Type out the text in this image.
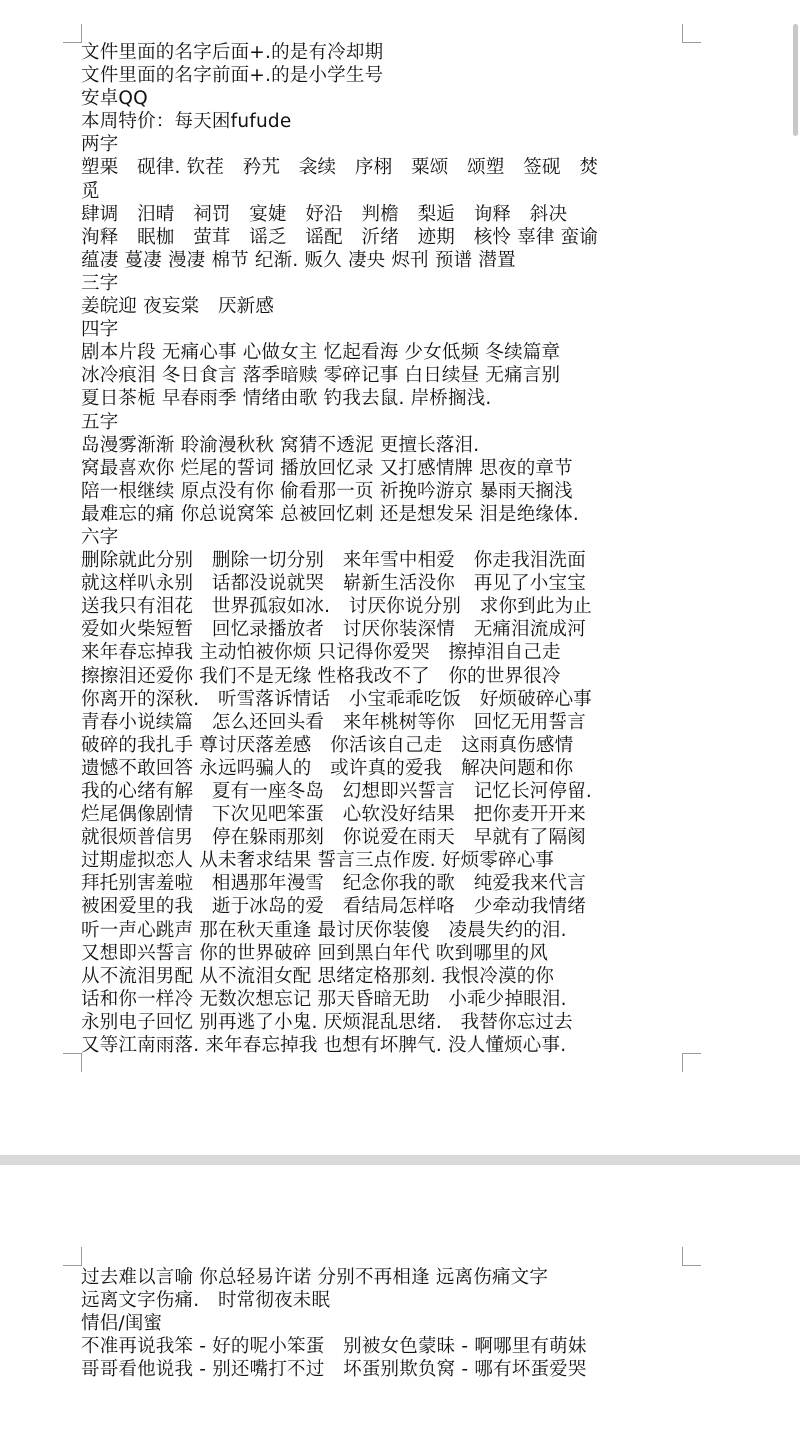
文件里面的名字后面+.的是有冷却期
文件里面的名字前面+.的是小学生号
安卓QQ
本周特价：每天困fufude
两字
塑栗　砚律. 钦茬　矜艽　衾续　序栩　粟颂　颂塑　签砚　焚
觅
肆调　汨晴　祠罚　宴婕　妤沿　判檐　梨逅　询释　斜决
洵释　眠枷　萤茸　谣乏　谣配　沂绪　迹期　核怜 辜律 蛮谕
蕴凄 蔓凄 漫凄 棉节 纪渐. 贩久 凄央 烬刊 预谱 潜置
三字
姜皖迎 夜妄棠　厌新感
四字
剧本片段 无痛心事 心做女主 忆起看海 少女低频 冬续篇章
冰冷痕泪 冬日食言 落季暗赎 零碎记事 白日续昼 无痛言别
夏日茶栀 早春雨季 情绪由歌 钓我去鼠. 岸桥搁浅.
五字
岛漫雾渐渐 聆渝漫秋秋 窝猜不透泥 更擅长落泪.
窝最喜欢你 烂尾的誓词 播放回忆录 又打感情牌 思夜的章节
陪一根继续 原点没有你 偷看那一页 祈挽吟游京 暴雨天搁浅
最难忘的痛 你总说窝笨 总被回忆刺 还是想发呆 泪是绝缘体.
六字
删除就此分别　删除一切分别　来年雪中相爱　你走我泪洗面
就这样叭永别　话都没说就哭　崭新生活没你　再见了小宝宝
送我只有泪花　世界孤寂如冰.　讨厌你说分别　求你到此为止
爱如火柴短暂　回忆录播放者　讨厌你装深情　无痛泪流成河
来年春忘掉我 主动怕被你烦 只记得你爱哭　擦掉泪自己走
擦擦泪还爱你 我们不是无缘 性格我改不了　你的世界很冷
你离开的深秋.　听雪落诉情话　小宝乖乖吃饭　好烦破碎心事
青春小说续篇　怎么还回头看　来年桃树等你　回忆无用誓言
破碎的我扎手 尊讨厌落差感　你活该自己走　这雨真伤感情
遗憾不敢回答 永远吗骗人的　或许真的爱我　解决问题和你
我的心绪有解　夏有一座冬岛　幻想即兴誓言　记忆长河停留.
烂尾偶像剧情　下次见吧笨蛋　心软没好结果　把你麦开开来
就很烦普信男　停在躲雨那刻　你说爱在雨天　早就有了隔阂
过期虚拟恋人 从未奢求结果 誓言三点作废. 好烦零碎心事
拜托别害羞啦　相遇那年漫雪　纪念你我的歌　纯爱我来代言
被困爱里的我　逝于冰岛的爱　看结局怎样咯　少牵动我情绪
听一声心跳声 那在秋天重逢 最讨厌你装傻　凌晨失约的泪.
又想即兴誓言 你的世界破碎 回到黑白年代 吹到哪里的风
从不流泪男配 从不流泪女配 思绪定格那刻. 我恨冷漠的你
话和你一样冷 无数次想忘记 那天昏暗无助　小乖少掉眼泪.
永别电子回忆 别再逃了小鬼. 厌烦混乱思绪.　我替你忘过去
又等江南雨落. 来年春忘掉我 也想有坏脾气. 没人懂烦心事.
过去难以言喻 你总轻易许诺 分别不再相逢 远离伤痛文字
远离文字伤痛.　时常彻夜未眠
情侣/闺蜜
不准再说我笨 - 好的呢小笨蛋　别被女色蒙昧 - 啊哪里有萌妹
哥哥看他说我 - 别还嘴打不过　坏蛋别欺负窝 - 哪有坏蛋爱哭
